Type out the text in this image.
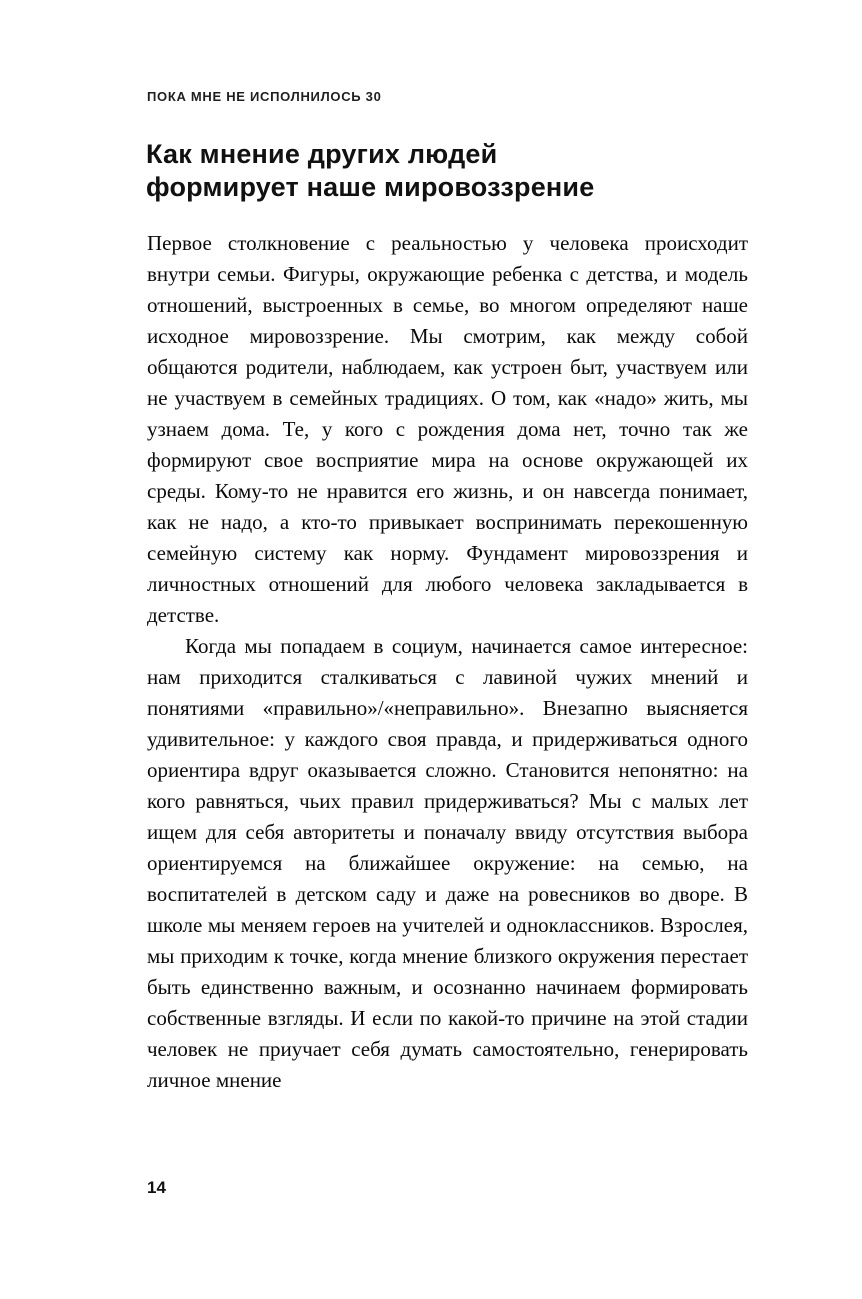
ПОКА МНЕ НЕ ИСПОЛНИЛОСЬ 30
Как мнение других людей
формирует наше мировоззрение

Первое столкновение с реальностью у человека происходит внутри семьи. Фигуры, окружающие ребенка с детства, и модель отношений, выстроенных в семье, во многом определяют наше исходное мировоззрение. Мы смотрим, как между собой общаются родители, наблюдаем, как устроен быт, участвуем или не участвуем в семейных традициях. О том, как «надо» жить, мы узнаем дома. Те, у кого с рождения дома нет, точно так же формируют свое восприятие мира на основе окружающей их среды. Кому-то не нравится его жизнь, и он навсегда понимает, как не надо, а кто-то привыкает воспринимать перекошенную семейную систему как норму. Фундамент мировоззрения и личностных отношений для любого человека закладывается в детстве.

Когда мы попадаем в социум, начинается самое интересное: нам приходится сталкиваться с лавиной чужих мнений и понятиями «правильно»/«неправильно». Внезапно выясняется удивительное: у каждого своя правда, и придерживаться одного ориентира вдруг оказывается сложно. Становится непонятно: на кого равняться, чьих правил придерживаться? Мы с малых лет ищем для себя авторитеты и поначалу ввиду отсутствия выбора ориентируемся на ближайшее окружение: на семью, на воспитателей в детском саду и даже на ровесников во дворе. В школе мы меняем героев на учителей и одноклассников. Взрослея, мы приходим к точке, когда мнение близкого окружения перестает быть единственно важным, и осознанно начинаем формировать собственные взгляды. И если по какой-то причине на этой стадии человек не приучает себя думать самостоятельно, генерировать личное мнение

14
